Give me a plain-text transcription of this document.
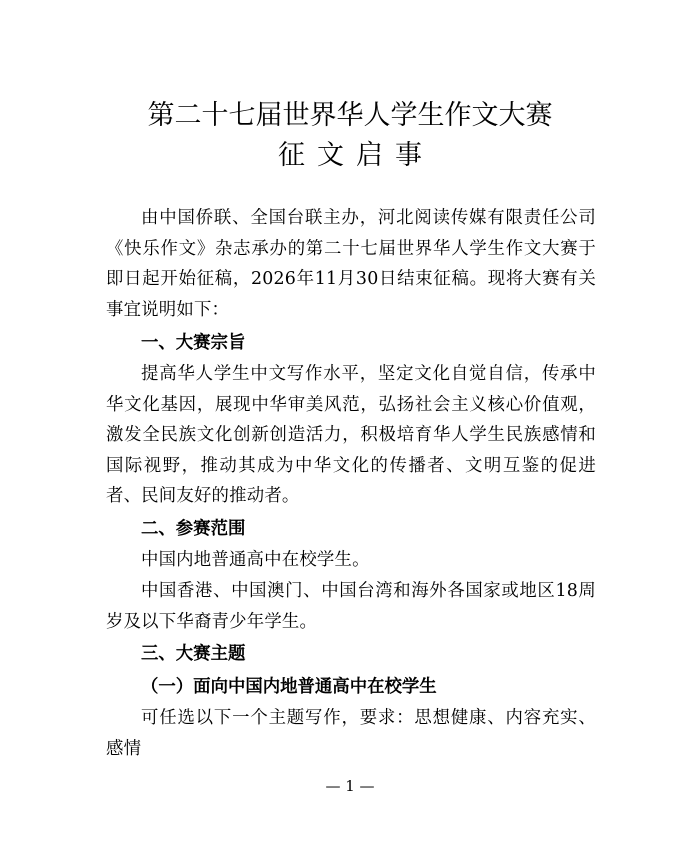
第二十七届世界华人学生作文大赛
征文启事

由中国侨联、全国台联主办，河北阅读传媒有限责任公司《快乐作文》杂志承办的第二十七届世界华人学生作文大赛于即日起开始征稿，2026年11月30日结束征稿。现将大赛有关事宜说明如下：

一、大赛宗旨

提高华人学生中文写作水平，坚定文化自觉自信，传承中华文化基因，展现中华审美风范，弘扬社会主义核心价值观，激发全民族文化创新创造活力，积极培育华人学生民族感情和国际视野，推动其成为中华文化的传播者、文明互鉴的促进者、民间友好的推动者。

二、参赛范围

中国内地普通高中在校学生。

中国香港、中国澳门、中国台湾和海外各国家或地区18周岁及以下华裔青少年学生。

三、大赛主题
（一）面向中国内地普通高中在校学生

可任选以下一个主题写作，要求：思想健康、内容充实、感情

— 1 —
